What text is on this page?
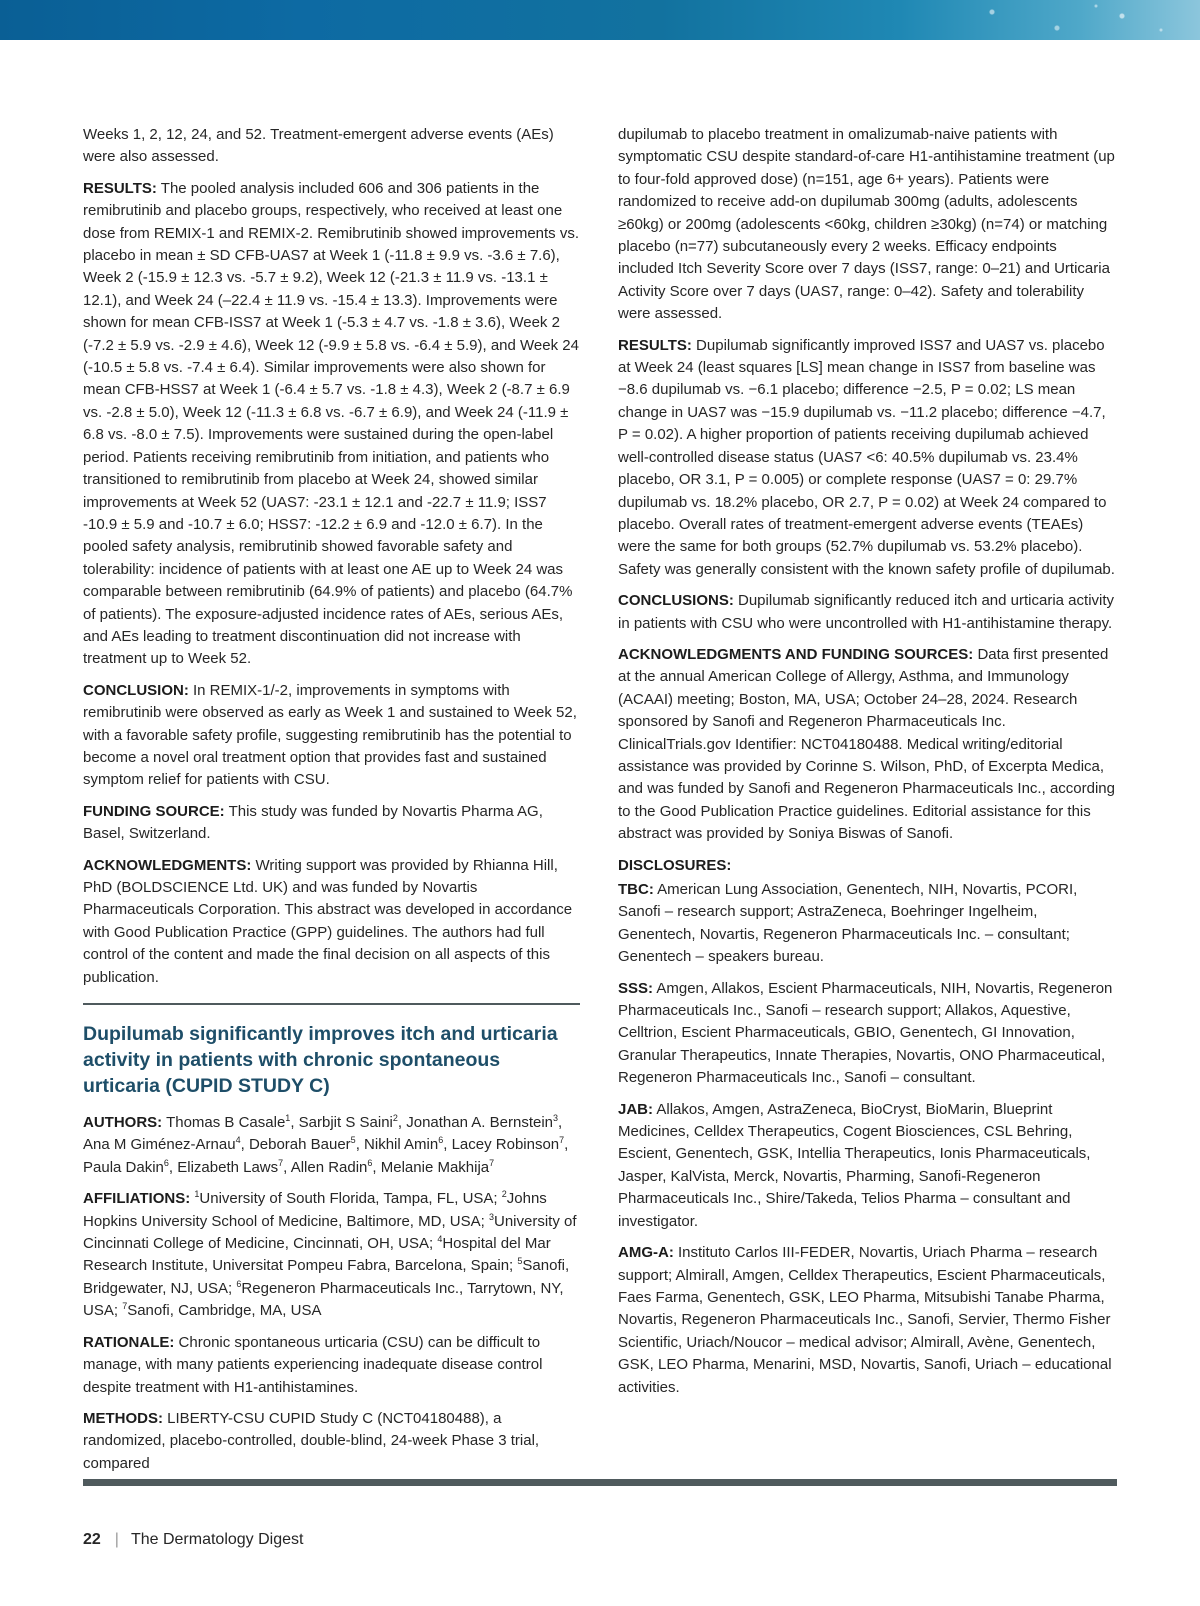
Weeks 1, 2, 12, 24, and 52. Treatment-emergent adverse events (AEs) were also assessed.

RESULTS: The pooled analysis included 606 and 306 patients in the remibrutinib and placebo groups, respectively, who received at least one dose from REMIX-1 and REMIX-2. Remibrutinib showed improvements vs. placebo in mean ± SD CFB-UAS7 at Week 1 (-11.8 ± 9.9 vs. -3.6 ± 7.6), Week 2 (-15.9 ± 12.3 vs. -5.7 ± 9.2), Week 12 (-21.3 ± 11.9 vs. -13.1 ± 12.1), and Week 24 (–22.4 ± 11.9 vs. -15.4 ± 13.3). Improvements were shown for mean CFB-ISS7 at Week 1 (-5.3 ± 4.7 vs. -1.8 ± 3.6), Week 2 (-7.2 ± 5.9 vs. -2.9 ± 4.6), Week 12 (-9.9 ± 5.8 vs. -6.4 ± 5.9), and Week 24 (-10.5 ± 5.8 vs. -7.4 ± 6.4). Similar improvements were also shown for mean CFB-HSS7 at Week 1 (-6.4 ± 5.7 vs. -1.8 ± 4.3), Week 2 (-8.7 ± 6.9 vs. -2.8 ± 5.0), Week 12 (-11.3 ± 6.8 vs. -6.7 ± 6.9), and Week 24 (-11.9 ± 6.8 vs. -8.0 ± 7.5). Improvements were sustained during the open-label period. Patients receiving remibrutinib from initiation, and patients who transitioned to remibrutinib from placebo at Week 24, showed similar improvements at Week 52 (UAS7: -23.1 ± 12.1 and -22.7 ± 11.9; ISS7 -10.9 ± 5.9 and -10.7 ± 6.0; HSS7: -12.2 ± 6.9 and -12.0 ± 6.7). In the pooled safety analysis, remibrutinib showed favorable safety and tolerability: incidence of patients with at least one AE up to Week 24 was comparable between remibrutinib (64.9% of patients) and placebo (64.7% of patients). The exposure-adjusted incidence rates of AEs, serious AEs, and AEs leading to treatment discontinuation did not increase with treatment up to Week 52.

CONCLUSION: In REMIX-1/-2, improvements in symptoms with remibrutinib were observed as early as Week 1 and sustained to Week 52, with a favorable safety profile, suggesting remibrutinib has the potential to become a novel oral treatment option that provides fast and sustained symptom relief for patients with CSU.

FUNDING SOURCE: This study was funded by Novartis Pharma AG, Basel, Switzerland.

ACKNOWLEDGMENTS: Writing support was provided by Rhianna Hill, PhD (BOLDSCIENCE Ltd. UK) and was funded by Novartis Pharmaceuticals Corporation. This abstract was developed in accordance with Good Publication Practice (GPP) guidelines. The authors had full control of the content and made the final decision on all aspects of this publication.

Dupilumab significantly improves itch and urticaria activity in patients with chronic spontaneous urticaria (CUPID STUDY C)

AUTHORS: Thomas B Casale$^1$, Sarbjit S Saini$^2$, Jonathan A. Bernstein$^3$, Ana M Giménez-Arnau$^4$, Deborah Bauer$^5$, Nikhil Amin$^6$, Lacey Robinson$^7$, Paula Dakin$^6$, Elizabeth Laws$^7$, Allen Radin$^6$, Melanie Makhija$^7$

AFFILIATIONS: $^1$University of South Florida, Tampa, FL, USA; $^2$Johns Hopkins University School of Medicine, Baltimore, MD, USA; $^3$University of Cincinnati College of Medicine, Cincinnati, OH, USA; $^4$Hospital del Mar Research Institute, Universitat Pompeu Fabra, Barcelona, Spain; $^5$Sanofi, Bridgewater, NJ, USA; $^6$Regeneron Pharmaceuticals Inc., Tarrytown, NY, USA; $^7$Sanofi, Cambridge, MA, USA

RATIONALE: Chronic spontaneous urticaria (CSU) can be difficult to manage, with many patients experiencing inadequate disease control despite treatment with H1-antihistamines.

METHODS: LIBERTY-CSU CUPID Study C (NCT04180488), a randomized, placebo-controlled, double-blind, 24-week Phase 3 trial, compared

dupilumab to placebo treatment in omalizumab-naive patients with symptomatic CSU despite standard-of-care H1-antihistamine treatment (up to four-fold approved dose) (n=151, age 6+ years). Patients were randomized to receive add-on dupilumab 300mg (adults, adolescents ≥60kg) or 200mg (adolescents <60kg, children ≥30kg) (n=74) or matching placebo (n=77) subcutaneously every 2 weeks. Efficacy endpoints included Itch Severity Score over 7 days (ISS7, range: 0–21) and Urticaria Activity Score over 7 days (UAS7, range: 0–42). Safety and tolerability were assessed.

RESULTS: Dupilumab significantly improved ISS7 and UAS7 vs. placebo at Week 24 (least squares [LS] mean change in ISS7 from baseline was −8.6 dupilumab vs. −6.1 placebo; difference −2.5, P = 0.02; LS mean change in UAS7 was −15.9 dupilumab vs. −11.2 placebo; difference −4.7, P = 0.02). A higher proportion of patients receiving dupilumab achieved well-controlled disease status (UAS7 <6: 40.5% dupilumab vs. 23.4% placebo, OR 3.1, P = 0.005) or complete response (UAS7 = 0: 29.7% dupilumab vs. 18.2% placebo, OR 2.7, P = 0.02) at Week 24 compared to placebo. Overall rates of treatment-emergent adverse events (TEAEs) were the same for both groups (52.7% dupilumab vs. 53.2% placebo). Safety was generally consistent with the known safety profile of dupilumab.

CONCLUSIONS: Dupilumab significantly reduced itch and urticaria activity in patients with CSU who were uncontrolled with H1-antihistamine therapy.

ACKNOWLEDGMENTS AND FUNDING SOURCES: Data first presented at the annual American College of Allergy, Asthma, and Immunology (ACAAI) meeting; Boston, MA, USA; October 24–28, 2024. Research sponsored by Sanofi and Regeneron Pharmaceuticals Inc. ClinicalTrials.gov Identifier: NCT04180488. Medical writing/editorial assistance was provided by Corinne S. Wilson, PhD, of Excerpta Medica, and was funded by Sanofi and Regeneron Pharmaceuticals Inc., according to the Good Publication Practice guidelines. Editorial assistance for this abstract was provided by Soniya Biswas of Sanofi.

DISCLOSURES:

TBC: American Lung Association, Genentech, NIH, Novartis, PCORI, Sanofi – research support; AstraZeneca, Boehringer Ingelheim, Genentech, Novartis, Regeneron Pharmaceuticals Inc. – consultant; Genentech – speakers bureau.

SSS: Amgen, Allakos, Escient Pharmaceuticals, NIH, Novartis, Regeneron Pharmaceuticals Inc., Sanofi – research support; Allakos, Aquestive, Celltrion, Escient Pharmaceuticals, GBIO, Genentech, GI Innovation, Granular Therapeutics, Innate Therapies, Novartis, ONO Pharmaceutical, Regeneron Pharmaceuticals Inc., Sanofi – consultant.

JAB: Allakos, Amgen, AstraZeneca, BioCryst, BioMarin, Blueprint Medicines, Celldex Therapeutics, Cogent Biosciences, CSL Behring, Escient, Genentech, GSK, Intellia Therapeutics, Ionis Pharmaceuticals, Jasper, KalVista, Merck, Novartis, Pharming, Sanofi-Regeneron Pharmaceuticals Inc., Shire/Takeda, Telios Pharma – consultant and investigator.

AMG-A: Instituto Carlos III-FEDER, Novartis, Uriach Pharma – research support; Almirall, Amgen, Celldex Therapeutics, Escient Pharmaceuticals, Faes Farma, Genentech, GSK, LEO Pharma, Mitsubishi Tanabe Pharma, Novartis, Regeneron Pharmaceuticals Inc., Sanofi, Servier, Thermo Fisher Scientific, Uriach/Noucor – medical advisor; Almirall, Avène, Genentech, GSK, LEO Pharma, Menarini, MSD, Novartis, Sanofi, Uriach – educational activities.

22 | The Dermatology Digest
